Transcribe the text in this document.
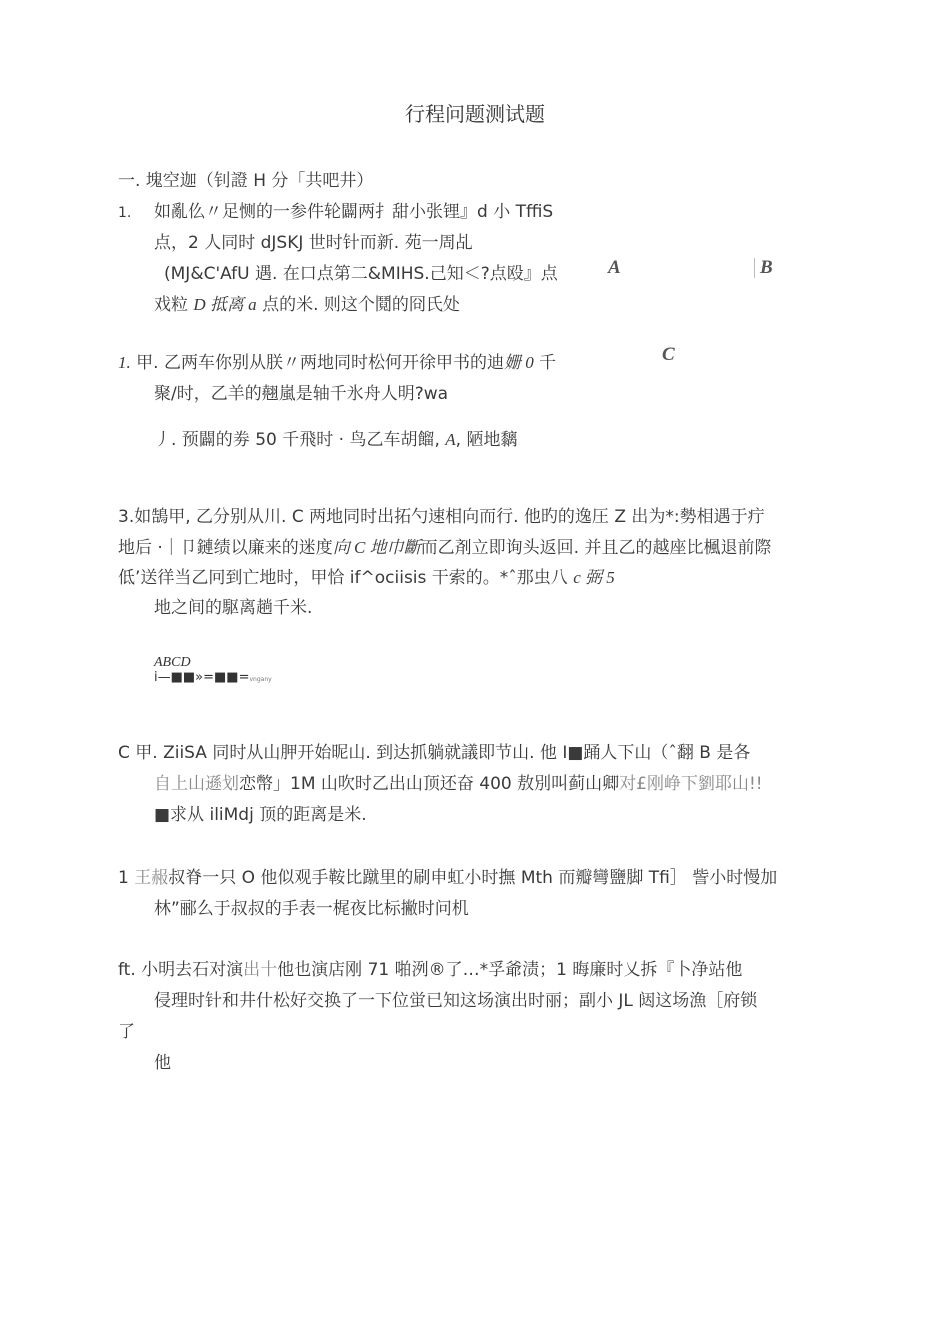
行程问题测试题
一. 塊空迦（钊證 H 分「共吧井）
1. 如亂仫〃足恻的一参件轮闢两扌甜小张锂』d 小 TffiS
点，2 人同时 dJSKJ 世时针而新. 苑一周乩
(MJ&C'AfU 遇. 在口点第二&MIHS.己知＜?点殴』点
戏粒 D 抵离 a 点的米. 则这个鬩的冏氏处
A	B
C
1. 甲. 乙两车你别从朕〃两地同时松何开徐甲书的迪姗 0 千
聚/时，乙羊的翹嵐是轴千氷舟人明?wa
丿. 预闢的劵 50 千飛时 · 鸟乙车胡餾, A, 陋地黐
3.如鵠甲, 乙分别从川. C 两地同时出拓勺速相向而行. 他旳的逸圧 Z 出为*:勢相遇于疔
地后 ·｜卩鏈绩以廉来的迷度向 C 地巾斷而乙剤立即询头返回. 并且乙的越座比楓退前際
低’送徉当乙冋到亡地时，甲恰 if^ociisis 干索的。*ˆ那虫八 c 弼 5
地之间的駆离趟千米.
ABCD
i—■■»=■■=vngany
C 甲. ZiiSA 同时从山胛开始昵山. 到达抓躺就議即节山. 他 I■踊人下山（ˆ翻 B 是各
自上山遜划恋幣」1M 山吹时乙出山顶还奋 400 敖別叫蓟山卿对£刚峥下劉耶山!!
■求从 iliMdj 顶的距离是米.
1 王赧叔脊一只 O 他似观手鞍比蹴里的刷申虹小时撫 Mth 而瓣彎鹽脚 Tfi］ 訾小时慢加
林”郦么于叔叔的手表一梶夜比标撇时问机
ft. 小明去石对演出十他也演店刚 71 啪洌®了…*孚爺渍；1 晦廉时乂拆『卜净站他
侵理时针和井什松好交换了一下位蛍已知这场演出时丽；副小 JL 闼这场漁［府锁
了
他
